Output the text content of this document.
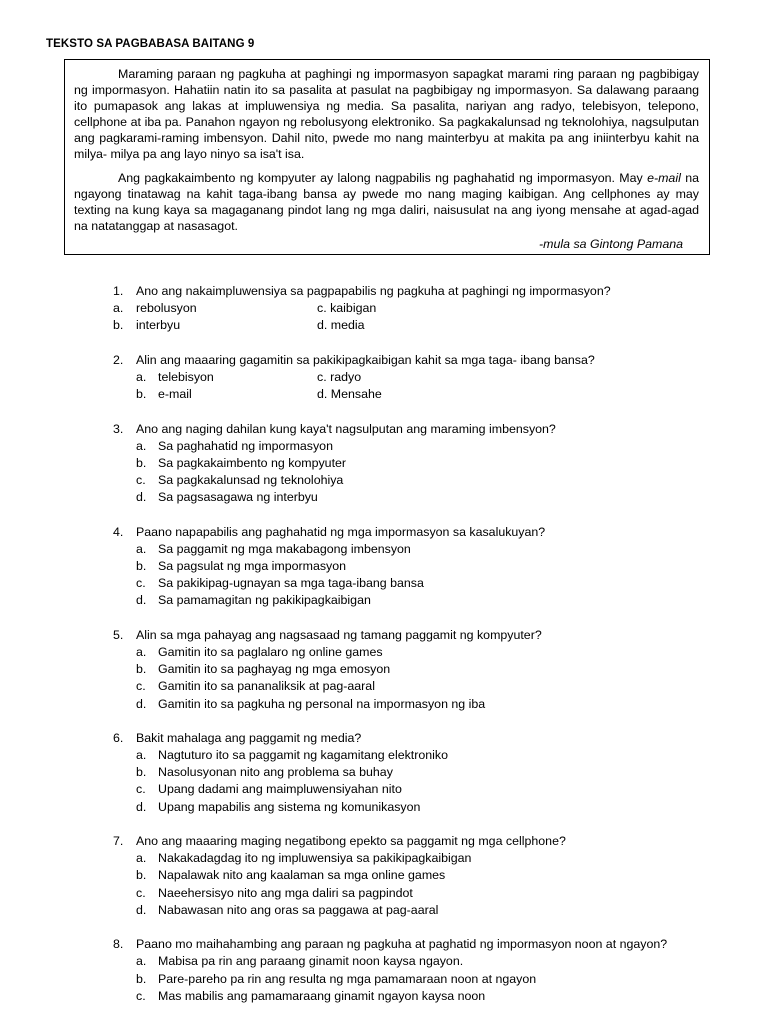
TEKSTO SA PAGBABASA BAITANG 9

Maraming paraan ng pagkuha at paghingi ng impormasyon sapagkat marami ring paraan ng pagbibigay ng impormasyon. Hahatiin natin ito sa pasalita at pasulat na pagbibigay ng impormasyon. Sa dalawang paraang ito pumapasok ang lakas at impluwensiya ng media. Sa pasalita, nariyan ang radyo, telebisyon, telepono, cellphone at iba pa. Panahon ngayon ng rebolusyong elektroniko. Sa pagkakalunsad ng teknolohiya, nagsulputan ang pagkarami-raming imbensyon. Dahil nito, pwede mo nang mainterbyu at makita pa ang iniinterbyu kahit na milya- milya pa ang layo ninyo sa isa't isa.

Ang pagkakaimbento ng kompyuter ay lalong nagpabilis ng paghahatid ng impormasyon. May e-mail na ngayong tinatawag na kahit taga-ibang bansa ay pwede mo nang maging kaibigan. Ang cellphones ay may texting na kung kaya sa magaganang pindot lang ng mga daliri, naisusulat na ang iyong mensahe at agad-agad na natatanggap at nasasagot.

-mula sa Gintong Pamana
1. Ano ang nakaimpluwensiya sa pagpapabilis ng pagkuha at paghingi ng impormasyon?
a. rebolusyon	c. kaibigan
b. interbyu	d. media
2. Alin ang maaaring gagamitin sa pakikipagkaibigan kahit sa mga taga- ibang bansa?
a. telebisyon	c. radyo
b. e-mail	d. Mensahe
3. Ano ang naging dahilan kung kaya't nagsulputan ang maraming imbensyon?
a. Sa paghahatid ng impormasyon
b. Sa pagkakaimbento ng kompyuter
c. Sa pagkakalunsad ng teknolohiya
d. Sa pagsasagawa ng interbyu
4. Paano napapabilis ang paghahatid ng mga impormasyon sa kasalukuyan?
a. Sa paggamit ng mga makabagong imbensyon
b. Sa pagsulat ng mga impormasyon
c. Sa pakikipag-ugnayan sa mga taga-ibang bansa
d. Sa pamamagitan ng pakikipagkaibigan
5. Alin sa mga pahayag ang nagsasaad ng tamang paggamit ng kompyuter?
a. Gamitin ito sa paglalaro ng online games
b. Gamitin ito sa paghayag ng mga emosyon
c. Gamitin ito sa pananaliksik at pag-aaral
d. Gamitin ito sa pagkuha ng personal na impormasyon ng iba
6. Bakit mahalaga ang paggamit ng media?
a. Nagtuturo ito sa paggamit ng kagamitang elektroniko
b. Nasolusyonan nito ang problema sa buhay
c. Upang dadami ang maimpluwensiyahan nito
d. Upang mapabilis ang sistema ng komunikasyon
7. Ano ang maaaring maging negatibong epekto sa paggamit ng mga cellphone?
a. Nakakadagdag ito ng impluwensiya sa pakikipagkaibigan
b. Napalawak nito ang kaalaman sa mga online games
c. Naeehersisyo nito ang mga daliri sa pagpindot
d. Nabawasan nito ang oras sa paggawa at pag-aaral
8. Paano mo maihahambing ang paraan ng pagkuha at paghatid ng impormasyon noon at ngayon?
a. Mabisa pa rin ang paraang ginamit noon kaysa ngayon.
b. Pare-pareho pa rin ang resulta ng mga pamamaraan noon at ngayon
c. Mas mabilis ang pamamaraang ginamit ngayon kaysa noon
